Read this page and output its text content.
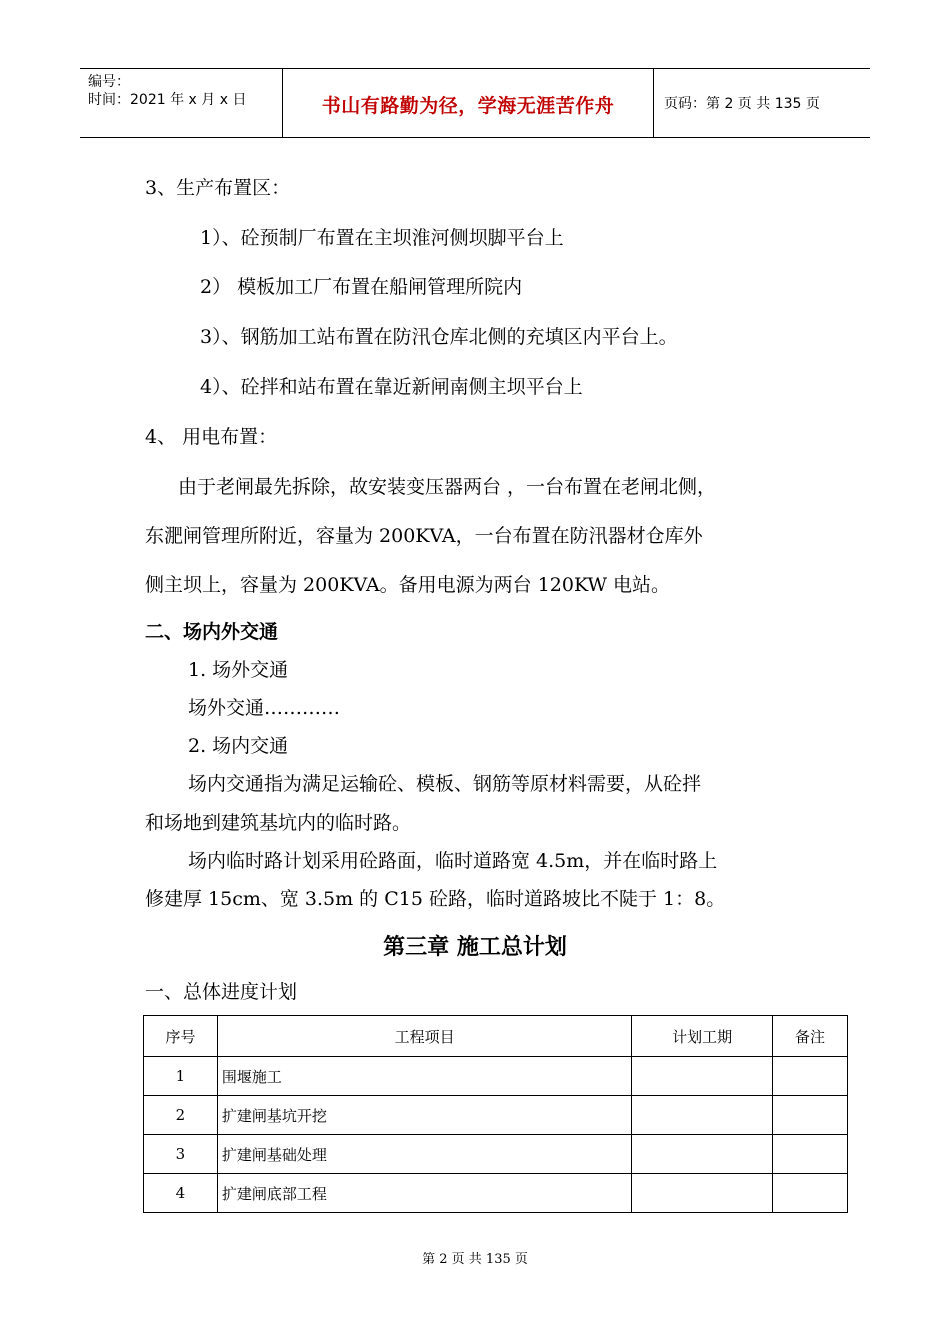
编号：
时间：2021 年 x 月 x 日	书山有路勤为径，学海无涯苦作舟	页码：第 2 页 共 135 页
3、生产布置区：
1）、砼预制厂布置在主坝淮河侧坝脚平台上
2） 模板加工厂布置在船闸管理所院内
3）、钢筋加工站布置在防汛仓库北侧的充填区内平台上。
4）、砼拌和站布置在靠近新闸南侧主坝平台上
4、 用电布置：
由于老闸最先拆除，故安装变压器两台 ，一台布置在老闸北侧，
东淝闸管理所附近，容量为 200KVA，一台布置在防汛器材仓库外
侧主坝上，容量为 200KVA。备用电源为两台 120KW 电站。
二、场内外交通
1. 场外交通
场外交通…………
2. 场内交通
场内交通指为满足运输砼、模板、钢筋等原材料需要，从砼拌
和场地到建筑基坑内的临时路。
场内临时路计划采用砼路面，临时道路宽 4.5m，并在临时路上
修建厚 15cm、宽 3.5m 的 C15 砼路，临时道路坡比不陡于 1：8。
第三章 施工总计划
一、总体进度计划
序号	工程项目	计划工期	备注
1	围堰施工		
2	扩建闸基坑开挖		
3	扩建闸基础处理		
4	扩建闸底部工程		
第 2 页 共 135 页
